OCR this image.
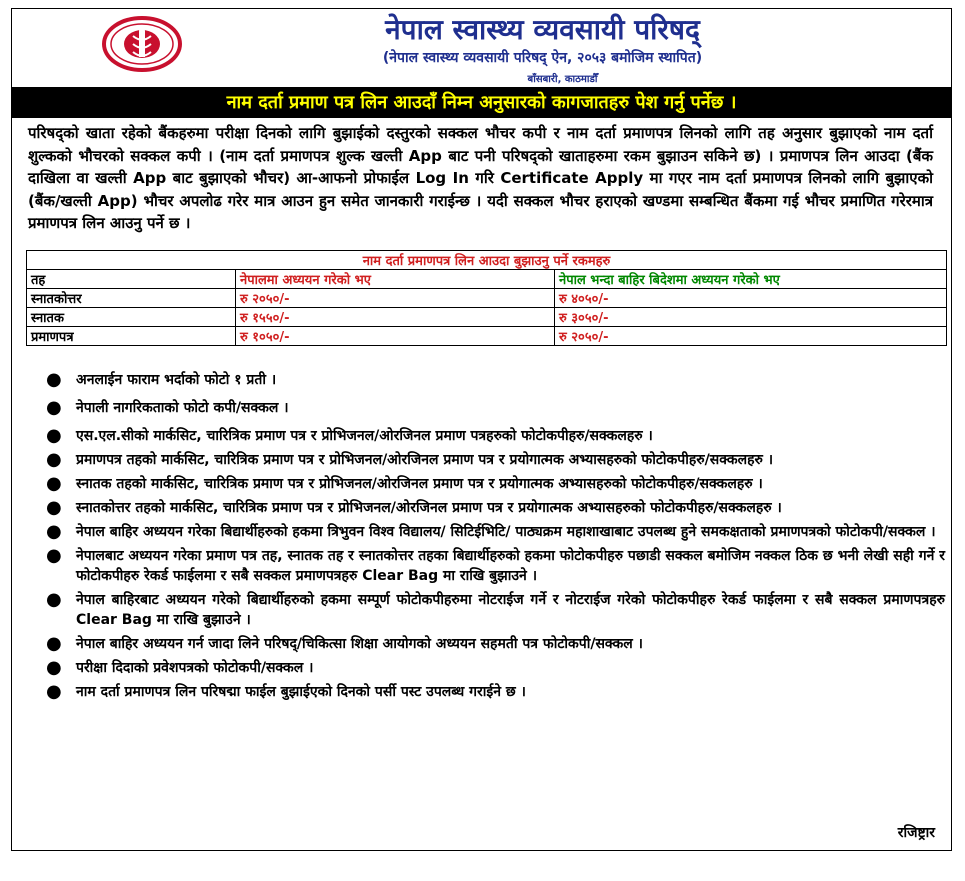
नेपाल स्वास्थ्य व्यवसायी परिषद्
(नेपाल स्वास्थ्य व्यवसायी परिषद् ऐन, २०५३ बमोजिम स्थापित)
बाँसबारी, काठमाडौँ
नाम दर्ता प्रमाण पत्र लिन आउदाँ निम्न अनुसारको कागजातहरु पेश गर्नु पर्नेछ ।
परिषद्को खाता रहेको बैंकहरुमा परीक्षा दिनको लागि बुझाईको दस्तुरको सक्कल भौचर कपी र नाम दर्ता प्रमाणपत्र लिनको लागि तह अनुसार बुझाएको नाम दर्ता शुल्कको भौचरको सक्कल कपी । (नाम दर्ता प्रमाणपत्र शुल्क खल्ती App बाट पनी परिषद्को खाताहरुमा रकम बुझाउन सकिने छ) । प्रमाणपत्र लिन आउदा (बैंक दाखिला वा खल्ती App बाट बुझाएको भौचर) आ-आफनो प्रोफाईल Log In गरि Certificate Apply मा गएर नाम दर्ता प्रमाणपत्र लिनको लागि बुझाएको (बैंक/खल्ती App) भौचर अपलोढ गरेर मात्र आउन हुन समेत जानकारी गराईन्छ । यदी सक्कल भौचर हराएको खण्डमा सम्बन्धित बैंकमा गई भौचर प्रमाणित गरेरमात्र प्रमाणपत्र लिन आउनु पर्ने छ ।
नाम दर्ता प्रमाणपत्र लिन आउदा बुझाउनु पर्ने रकमहरु		
तह	नेपालमा अध्ययन गरेको भए	नेपाल भन्दा बाहिर बिदेशमा अध्ययन गरेको भए
स्नातकोत्तर	रु २०५०/-	रु ४०५०/-
स्नातक	रु १५५०/-	रु ३०५०/-
प्रमाणपत्र	रु १०५०/-	रु २०५०/-
● अनलाईन फाराम भर्दाको फोटो १ प्रती ।
● नेपाली नागरिकताको फोटो कपी/सक्कल ।
● एस.एल.सीको मार्कसिट, चारित्रिक प्रमाण पत्र र प्रोभिजनल/ओरजिनल प्रमाण पत्रहरुको फोटोकपीहरु/सक्कलहरु ।
● प्रमाणपत्र तहको मार्कसिट, चारित्रिक प्रमाण पत्र र प्रोभिजनल/ओरजिनल प्रमाण पत्र र प्रयोगात्मक अभ्यासहरुको फोटोकपीहरु/सक्कलहरु ।
● स्नातक तहको मार्कसिट, चारित्रिक प्रमाण पत्र र प्रोभिजनल/ओरजिनल प्रमाण पत्र र प्रयोगात्मक अभ्यासहरुको फोटोकपीहरु/सक्कलहरु ।
● स्नातकोत्तर तहको मार्कसिट, चारित्रिक प्रमाण पत्र र प्रोभिजनल/ओरजिनल प्रमाण पत्र र प्रयोगात्मक अभ्यासहरुको फोटोकपीहरु/सक्कलहरु ।
● नेपाल बाहिर अध्ययन गरेका बिद्यार्थीहरुको हकमा त्रिभुवन विश्व विद्यालय/ सिटिईभिटि/ पाठ्यक्रम महाशाखाबाट उपलब्ध हुने समकक्षताको प्रमाणपत्रको फोटोकपी/सक्कल ।
● नेपालबाट अध्ययन गरेका प्रमाण पत्र तह, स्नातक तह र स्नातकोत्तर तहका बिद्यार्थीहरुको हकमा फोटोकपीहरु पछाडी सक्कल बमोजिम नक्कल ठिक छ भनी लेखी सही गर्ने र फोटोकपीहरु रेकर्ड फाईलमा र सबै सक्कल प्रमाणपत्रहरु Clear Bag मा राखि बुझाउने ।
● नेपाल बाहिरबाट अध्ययन गरेको बिद्यार्थीहरुको हकमा सम्पूर्ण फोटोकपीहरुमा नोटराईज गर्ने र नोटराईज गरेको फोटोकपीहरु रेकर्ड फाईलमा र सबै सक्कल प्रमाणपत्रहरु Clear Bag मा राखि बुझाउने ।
● नेपाल बाहिर अध्ययन गर्न जादा लिने परिषद्/चिकित्सा शिक्षा आयोगको अध्ययन सहमती पत्र फोटोकपी/सक्कल ।
● परीक्षा दिदाको प्रवेशपत्रको फोटोकपी/सक्कल ।
● नाम दर्ता प्रमाणपत्र लिन परिषद्मा फाईल बुझाईएको दिनको पर्सी पस्ट उपलब्ध गराईने छ ।
रजिष्ट्रार
